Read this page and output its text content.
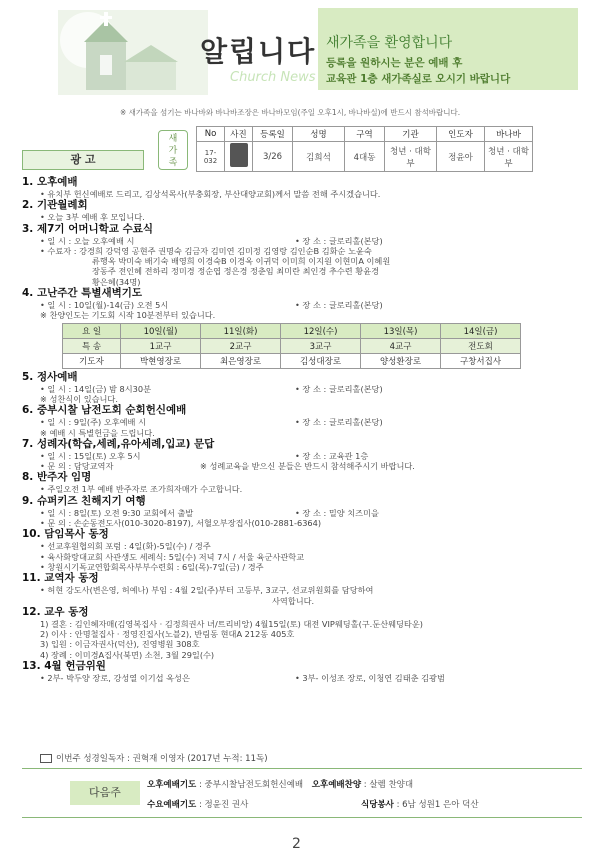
알립니다
Church News
새가족을 환영합니다
등록을 원하시는 분은 예배 후
교육관 1층 새가족실로 오시기 바랍니다
※ 새가족을 섬기는 바나바와 바나바조장은 바나바모임(주일 오후1시, 바나바실)에 반드시 참석바랍니다.
광 고
새
가
족
No	사진	등록일	성명	구역	기관	인도자	바나바
17-032		3/26	김희석	4대동	청년 · 대학부	정윤아	청년 · 대학부
1. 오후예배
• 유치부 헌신예배로 드리고, 김상석목사(부충회장, 부산대양교회)께서 말씀 전해 주시겠습니다.
2. 기관월례회
• 오늘 3부 예배 후 모입니다.
3. 제7기 어머니학교 수료식
• 일 시 : 오늘 오후예배 시	• 장 소 : 글로리홀(본당)
• 수료자 : 강경희 강덕영 공현주 권명숙 김금자 김미연 김미정 김영랑 김인순B 김화순 노윤숙
류행옥 박미숙 배기숙 배영희 이경숙B 이경옥 이귀덕 이미희 이지원 이현미A 이혜원
장동주 전인혜 전하리 정미경 정순엽 정은경 정춘임 최미란 최인경 추수련 황윤경
황은혜(34명)
4. 고난주간 특별새벽기도
• 일 시 : 10일(월)-14(금) 오전 5시	• 장 소 : 글로리홀(본당)
※ 찬양인도는 기도회 시작 10분전부터 있습니다.
요 일	10일(월)	11일(화)	12일(수)	13일(목)	14일(금)
특 송	1교구	2교구	3교구	4교구	전도회
기도자	박현영장로	최은영장로	김성대장로	양성환장로	구창서집사
5. 정사예배
• 일 시 : 14일(금) 밤 8시30분	• 장 소 : 글로리홀(본당)
※ 성찬식이 있습니다.
6. 중부시찰 남전도회 순회헌신예배
• 일 시 : 9일(주) 오후예배 시	• 장 소 : 글로리홀(본당)
※ 예배 시 특별헌금을 드립니다.
7. 성례자(학습,세례,유아세례,입교) 문답
• 일 시 : 15일(토) 오후 5시	• 장 소 : 교육관 1층
• 문 의 : 담당교역자	※ 성례교육을 받으신 분들은 반드시 참석해주시기 바랍니다.
8. 반주자 임명
• 주일오전 1부 예배 반주자로 조가희자매가 수고합니다.
9. 슈퍼키즈 친해지기 여행
• 일 시 : 8일(토) 오전 9:30 교회에서 출발	• 장 소 : 밀양 치즈미을
• 문 의 : 손순동전도사(010-3020-8197), 서혈오부장집사(010-2881-6364)
10. 담임목사 동정
• 선교후원협의회 포럼 : 4일(화)-5일(수) / 경주
• 육사화랑대교회 사관생도 세례식: 5일(수) 저녁 7시 / 서울 육군사관학교
• 창원시기독교연합회목사부부수련회 : 6일(목)-7일(금) / 경주
11. 교역자 동정
• 허현 강도사(변은영, 허예나) 부임 : 4월 2일(주)부터 고등부, 3교구, 선교위원회를 담당하여
사역합니다.
12. 교우 동정
1) 결혼 : 김인혜자매(김영복집사 · 김정희권사 녀/트리비앙) 4월15일(토) 대전 VIP웨딩홀(구.둔산웨딩타운)
2) 이사 : 안명철집사 · 정영진집사(노블2), 반림동 현대A 212동 405호
3) 입원 : 이금자권사(덕산), 진영병원 308호
4) 장례 : 이미경A집사(북면) 소천, 3월 29일(수)
13. 4월 헌금위원
• 2부- 박두양 장로, 강성열 이기섭 옥성은	• 3부- 이성조 장로, 이청연 김태춘 김광범
이번주 성경일독자 : 권혁재 이영자 (2017년 누적: 11독)
다음주
오후예배기도 : 중부시찰남전도회헌신예배 오후예배찬양 : 살렘 찬양대
수요예배기도 : 정윤진 권사	식당봉사 : 6남 성원1 은아 덕산
2
